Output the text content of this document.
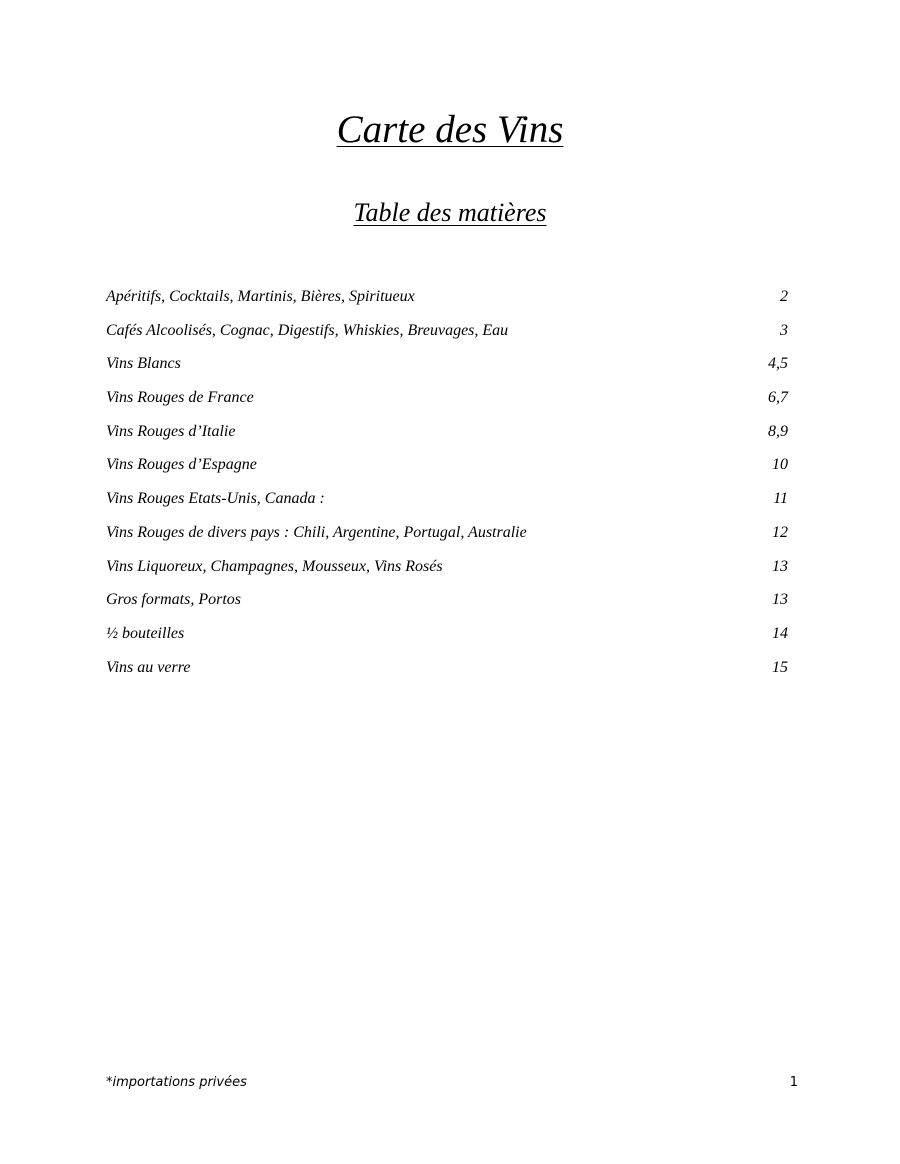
Carte des Vins
Table des matières
Apéritifs, Cocktails, Martinis, Bières, Spiritueux	2
Cafés Alcoolisés, Cognac, Digestifs, Whiskies, Breuvages, Eau	3
Vins Blancs	4,5
Vins Rouges de France	6,7
Vins Rouges d’Italie	8,9
Vins Rouges d’Espagne	10
Vins Rouges Etats-Unis, Canada :	11
Vins Rouges de divers pays : Chili, Argentine, Portugal, Australie	12
Vins Liquoreux, Champagnes, Mousseux, Vins Rosés	13
Gros formats, Portos	13
½ bouteilles	14
Vins au verre	15
*importations privées	1
